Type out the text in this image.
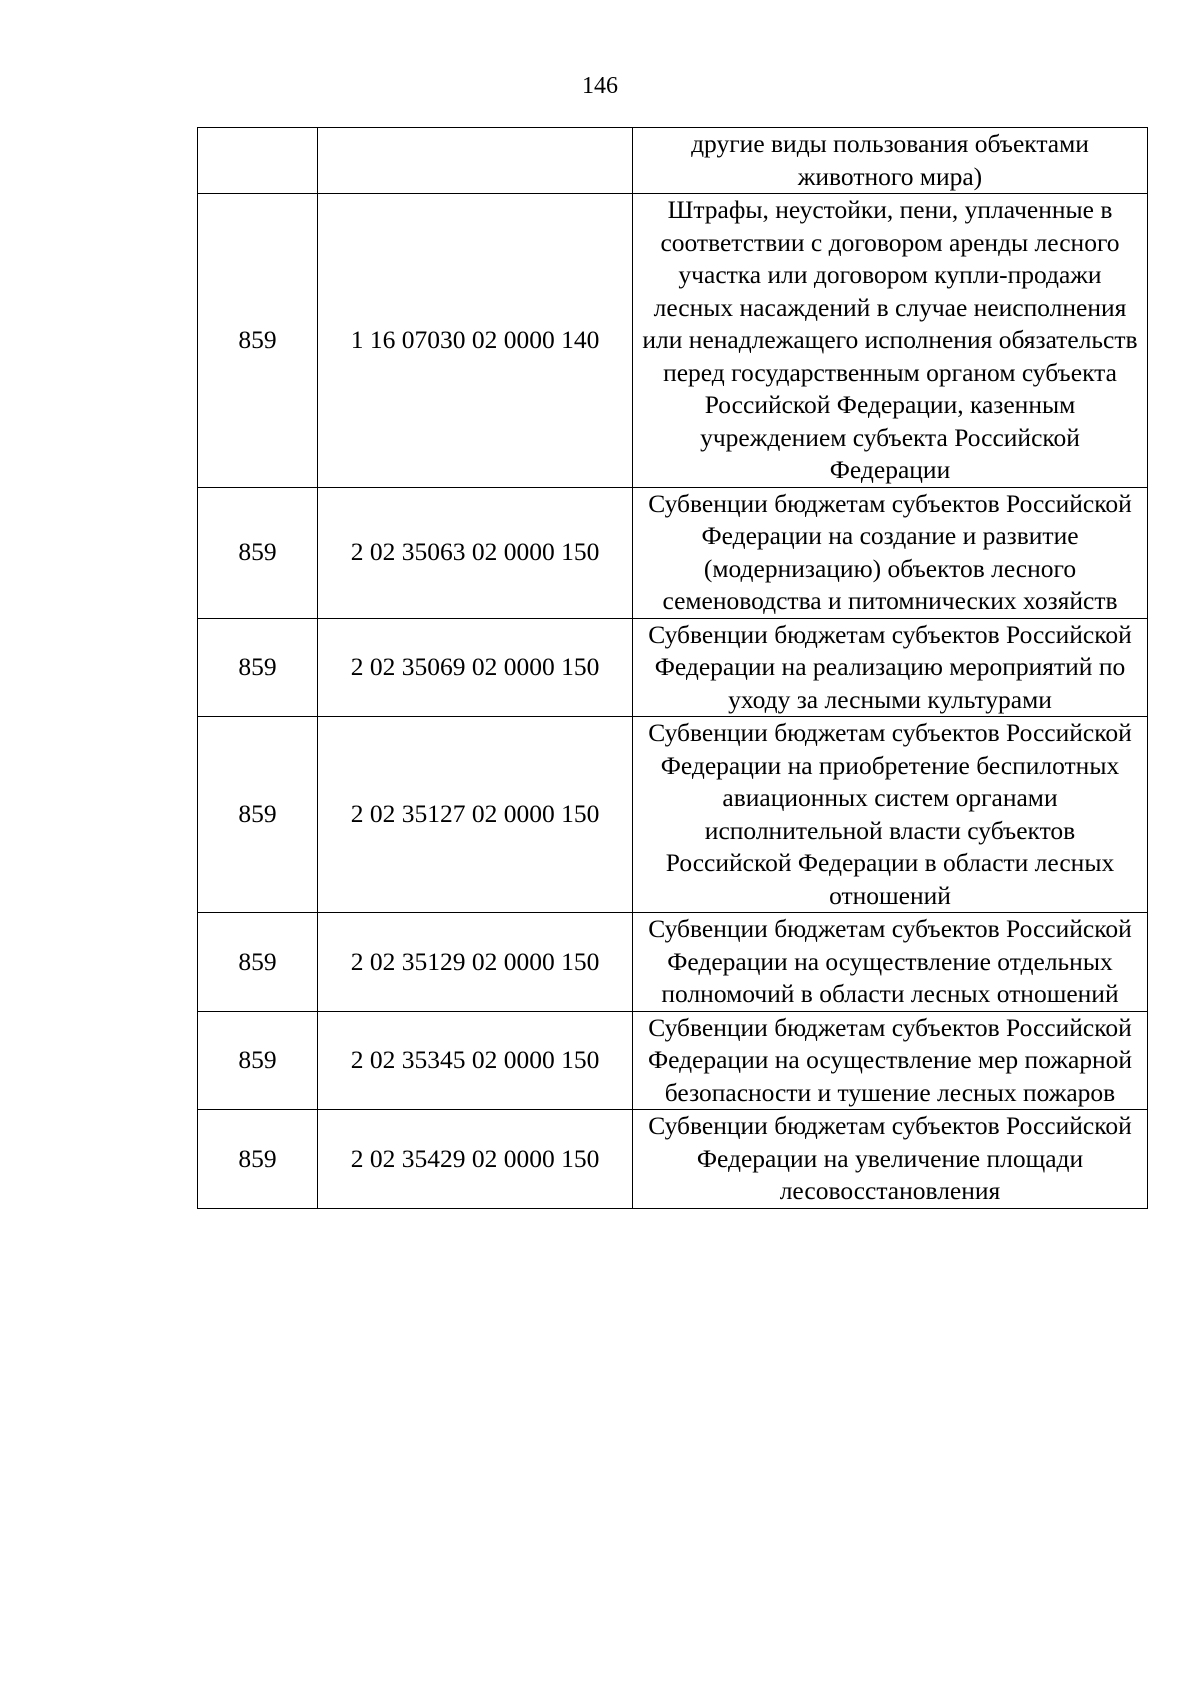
146
		другие виды пользования объектами животного мира)
859	1 16 07030 02 0000 140	Штрафы, неустойки, пени, уплаченные в соответствии с договором аренды лесного участка или договором купли-продажи лесных насаждений в случае неисполнения или ненадлежащего исполнения обязательств перед государственным органом субъекта Российской Федерации, казенным учреждением субъекта Российской Федерации
859	2 02 35063 02 0000 150	Субвенции бюджетам субъектов Российской Федерации на создание и развитие (модернизацию) объектов лесного семеноводства и питомнических хозяйств
859	2 02 35069 02 0000 150	Субвенции бюджетам субъектов Российской Федерации на реализацию мероприятий по уходу за лесными культурами
859	2 02 35127 02 0000 150	Субвенции бюджетам субъектов Российской Федерации на приобретение беспилотных авиационных систем органами исполнительной власти субъектов Российской Федерации в области лесных отношений
859	2 02 35129 02 0000 150	Субвенции бюджетам субъектов Российской Федерации на осуществление отдельных полномочий в области лесных отношений
859	2 02 35345 02 0000 150	Субвенции бюджетам субъектов Российской Федерации на осуществление мер пожарной безопасности и тушение лесных пожаров
859	2 02 35429 02 0000 150	Субвенции бюджетам субъектов Российской Федерации на увеличение площади лесовосстановления
